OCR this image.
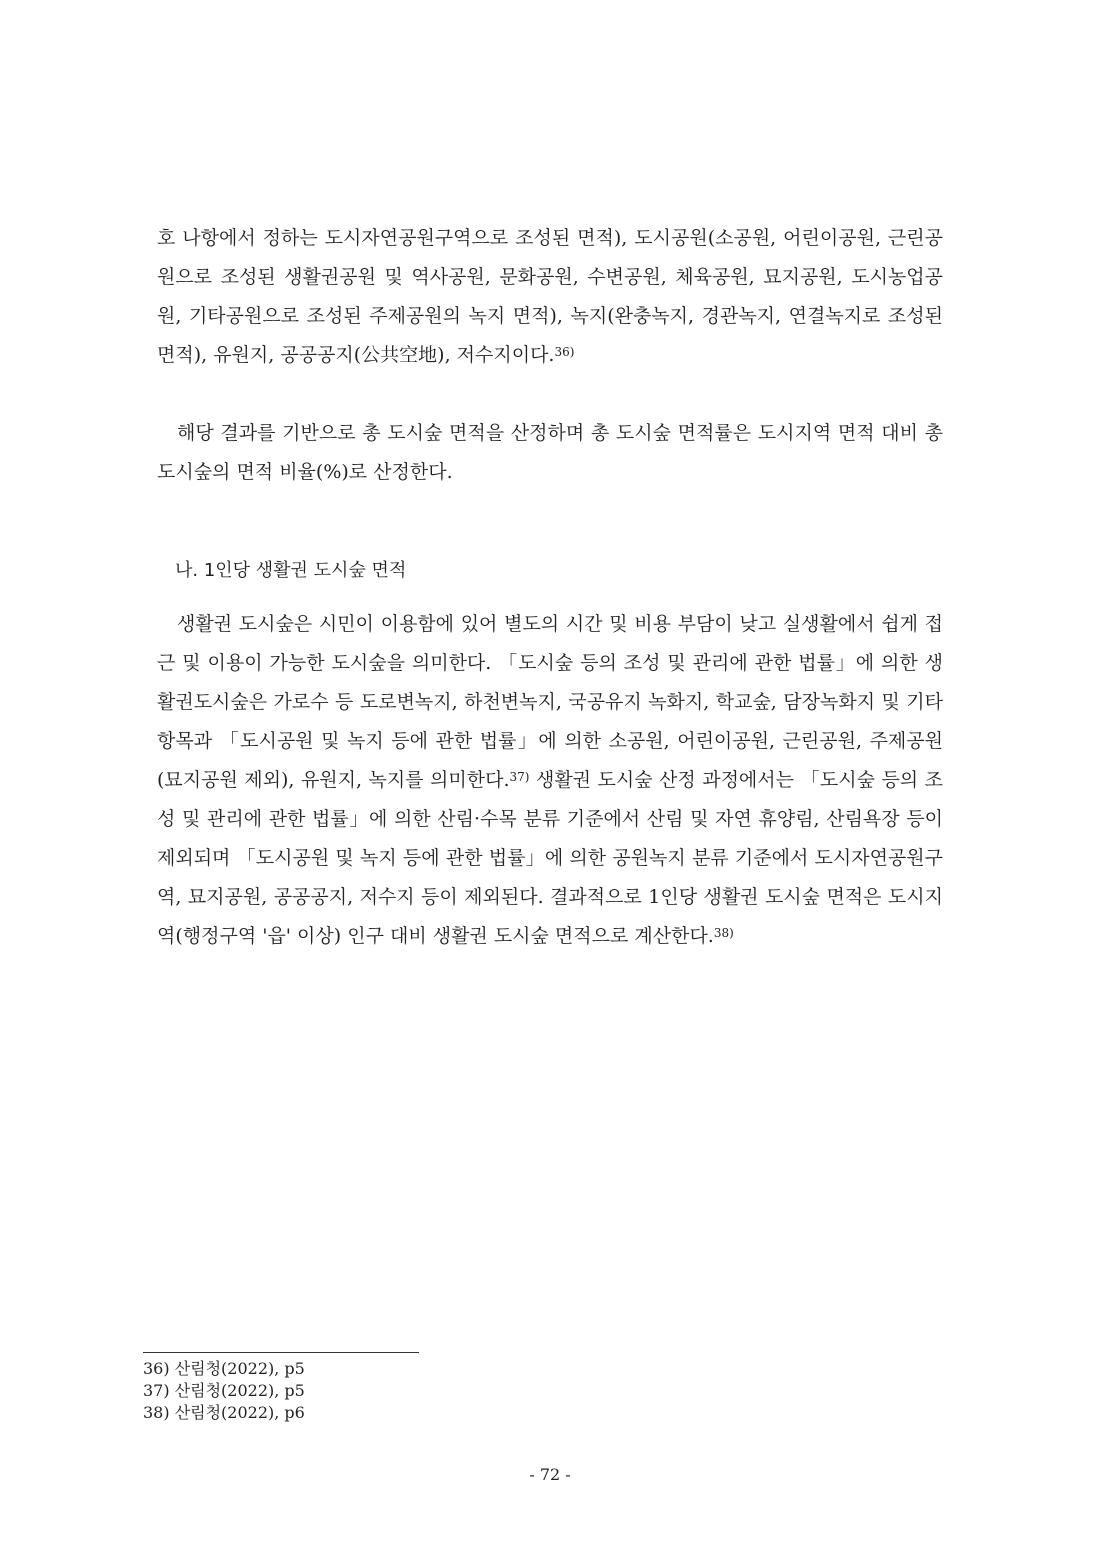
호 나항에서 정하는 도시자연공원구역으로 조성된 면적), 도시공원(소공원, 어린이공원, 근린공원으로 조성된 생활권공원 및 역사공원, 문화공원, 수변공원, 체육공원, 묘지공원, 도시농업공원, 기타공원으로 조성된 주제공원의 녹지 면적), 녹지(완충녹지, 경관녹지, 연결녹지로 조성된 면적), 유원지, 공공공지(公共空地), 저수지이다.$^{36)}$

해당 결과를 기반으로 총 도시숲 면적을 산정하며 총 도시숲 면적률은 도시지역 면적 대비 총 도시숲의 면적 비율(%)로 산정한다.

나. 1인당 생활권 도시숲 면적

생활권 도시숲은 시민이 이용함에 있어 별도의 시간 및 비용 부담이 낮고 실생활에서 쉽게 접근 및 이용이 가능한 도시숲을 의미한다. 「도시숲 등의 조성 및 관리에 관한 법률」에 의한 생활권도시숲은 가로수 등 도로변녹지, 하천변녹지, 국공유지 녹화지, 학교숲, 담장녹화지 및 기타 항목과 「도시공원 및 녹지 등에 관한 법률」에 의한 소공원, 어린이공원, 근린공원, 주제공원(묘지공원 제외), 유원지, 녹지를 의미한다.$^{37)}$ 생활권 도시숲 산정 과정에서는 「도시숲 등의 조성 및 관리에 관한 법률」에 의한 산림·수목 분류 기준에서 산림 및 자연 휴양림, 산림욕장 등이 제외되며 「도시공원 및 녹지 등에 관한 법률」에 의한 공원녹지 분류 기준에서 도시자연공원구역, 묘지공원, 공공공지, 저수지 등이 제외된다. 결과적으로 1인당 생활권 도시숲 면적은 도시지역(행정구역 '읍' 이상) 인구 대비 생활권 도시숲 면적으로 계산한다.$^{38)}$

36) 산림청(2022), p5
37) 산림청(2022), p5
38) 산림청(2022), p6
- 72 -
